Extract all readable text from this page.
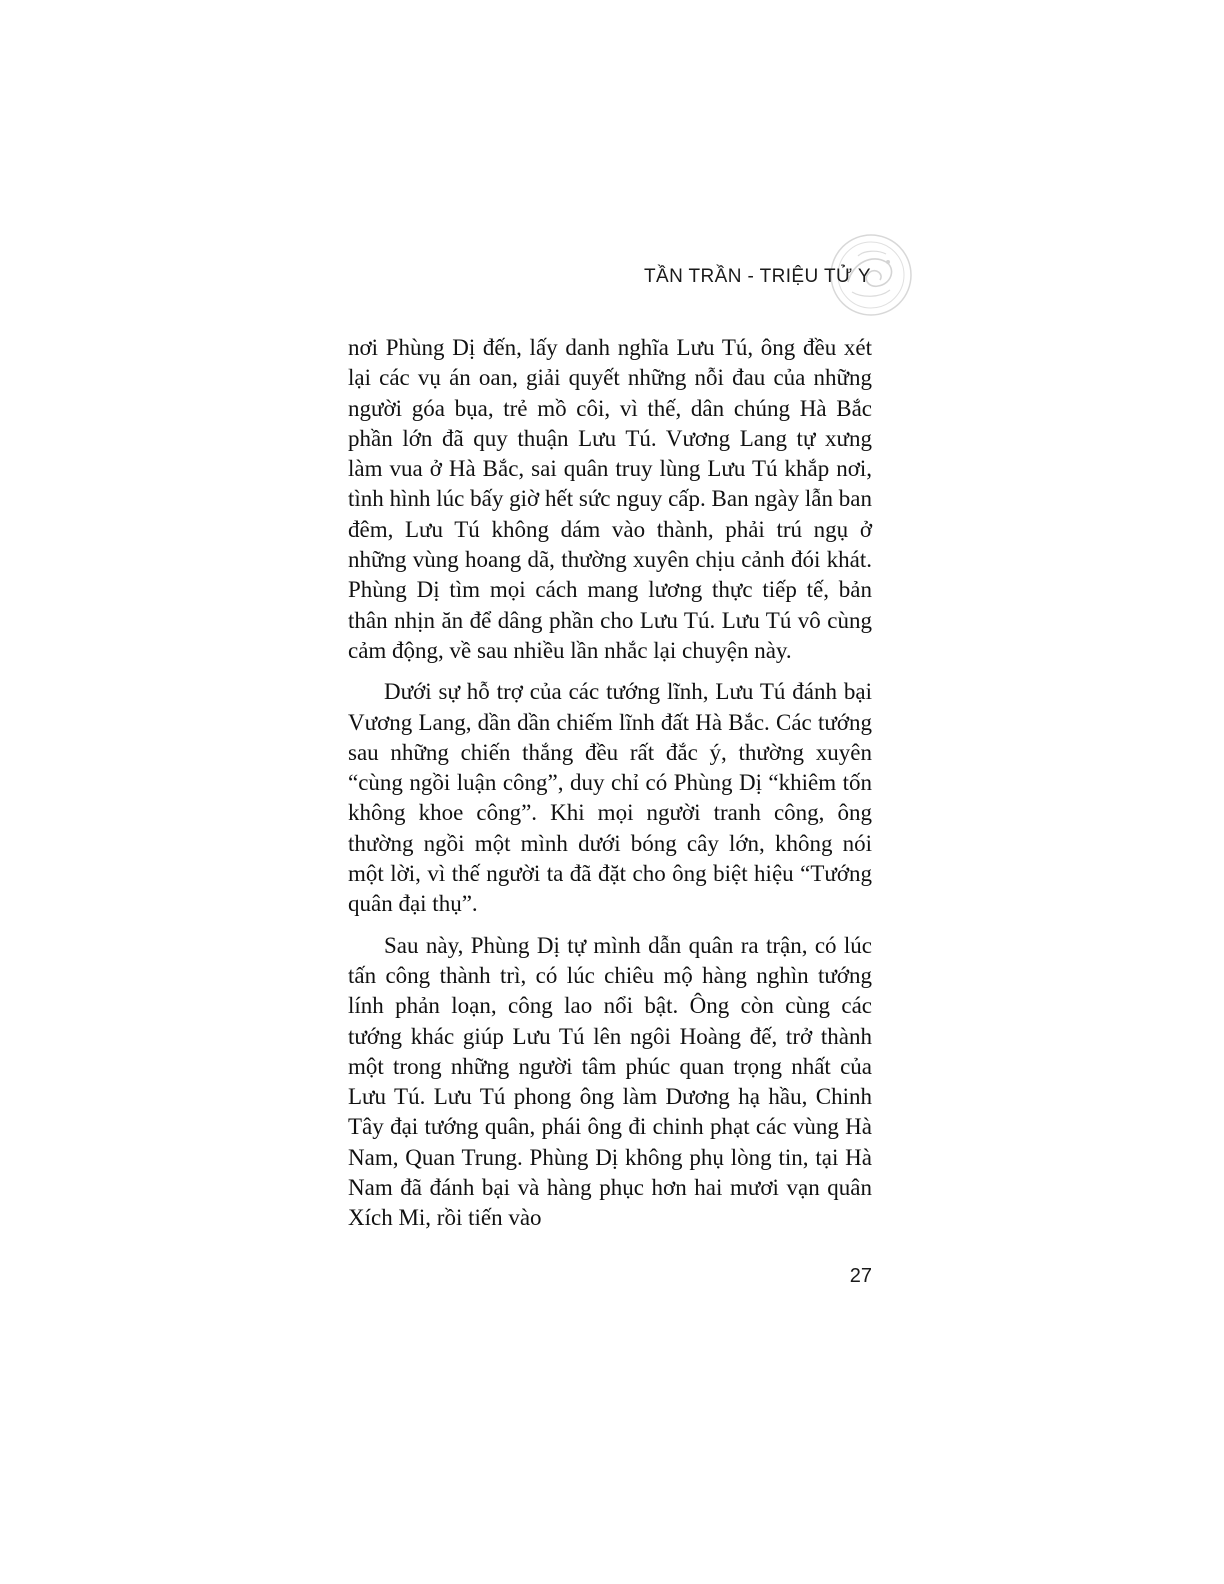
TẦN TRẦN - TRIỆU TỬ Y

nơi Phùng Dị đến, lấy danh nghĩa Lưu Tú, ông đều xét lại các vụ án oan, giải quyết những nỗi đau của những người góa bụa, trẻ mồ côi, vì thế, dân chúng Hà Bắc phần lớn đã quy thuận Lưu Tú. Vương Lang tự xưng làm vua ở Hà Bắc, sai quân truy lùng Lưu Tú khắp nơi, tình hình lúc bấy giờ hết sức nguy cấp. Ban ngày lẫn ban đêm, Lưu Tú không dám vào thành, phải trú ngụ ở những vùng hoang dã, thường xuyên chịu cảnh đói khát. Phùng Dị tìm mọi cách mang lương thực tiếp tế, bản thân nhịn ăn để dâng phần cho Lưu Tú. Lưu Tú vô cùng cảm động, về sau nhiều lần nhắc lại chuyện này.

Dưới sự hỗ trợ của các tướng lĩnh, Lưu Tú đánh bại Vương Lang, dần dần chiếm lĩnh đất Hà Bắc. Các tướng sau những chiến thắng đều rất đắc ý, thường xuyên “cùng ngồi luận công”, duy chỉ có Phùng Dị “khiêm tốn không khoe công”. Khi mọi người tranh công, ông thường ngồi một mình dưới bóng cây lớn, không nói một lời, vì thế người ta đã đặt cho ông biệt hiệu “Tướng quân đại thụ”.

Sau này, Phùng Dị tự mình dẫn quân ra trận, có lúc tấn công thành trì, có lúc chiêu mộ hàng nghìn tướng lính phản loạn, công lao nổi bật. Ông còn cùng các tướng khác giúp Lưu Tú lên ngôi Hoàng đế, trở thành một trong những người tâm phúc quan trọng nhất của Lưu Tú. Lưu Tú phong ông làm Dương hạ hầu, Chinh Tây đại tướng quân, phái ông đi chinh phạt các vùng Hà Nam, Quan Trung. Phùng Dị không phụ lòng tin, tại Hà Nam đã đánh bại và hàng phục hơn hai mươi vạn quân Xích Mi, rồi tiến vào

27
